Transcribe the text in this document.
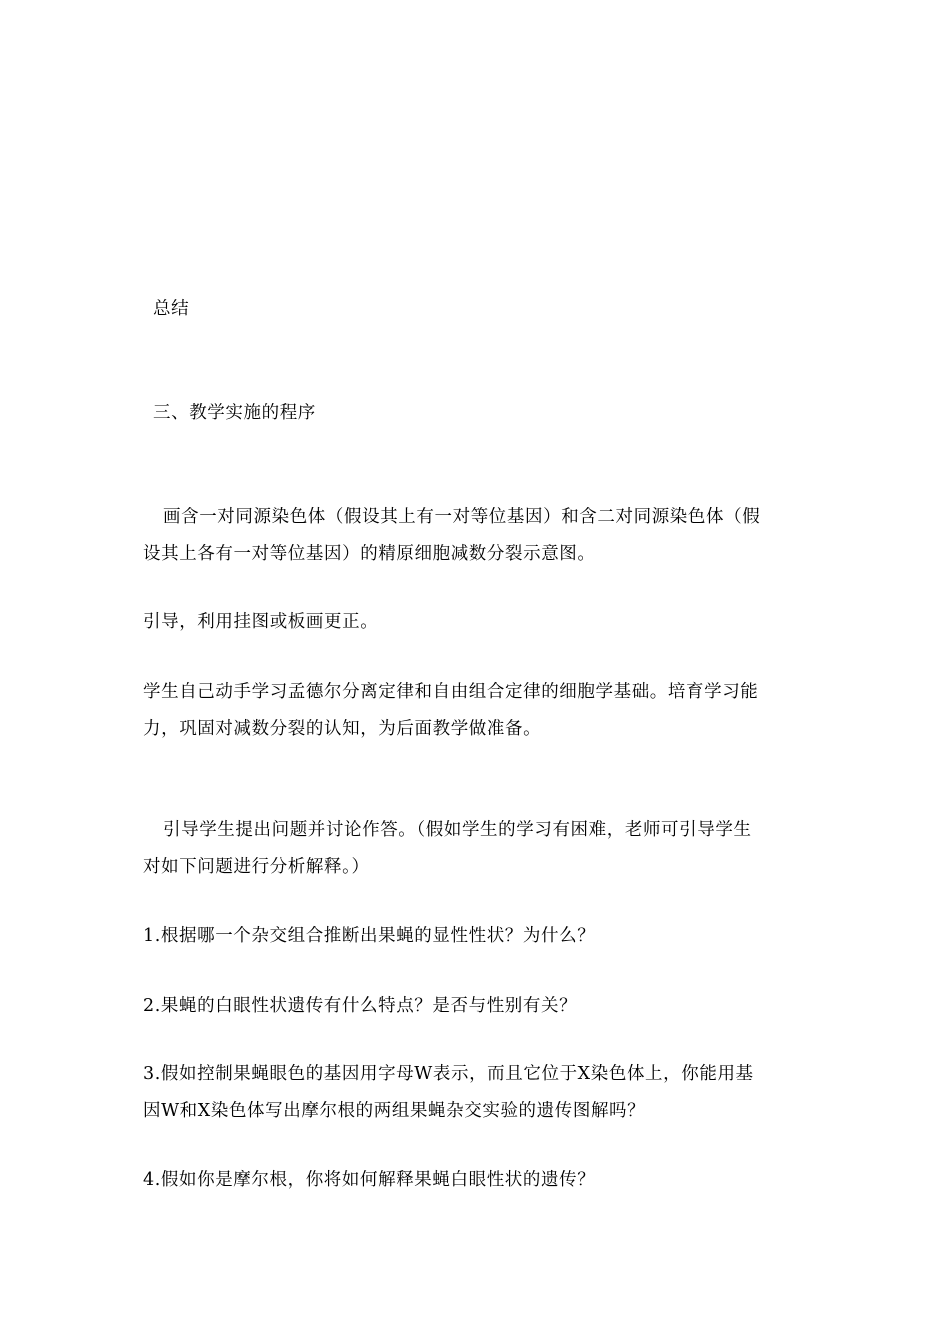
总结
三、教学实施的程序
画含一对同源染色体（假设其上有一对等位基因）和含二对同源染色体（假
设其上各有一对等位基因）的精原细胞减数分裂示意图。
引导，利用挂图或板画更正。
学生自己动手学习孟德尔分离定律和自由组合定律的细胞学基础。培育学习能
力，巩固对减数分裂的认知，为后面教学做准备。
引导学生提出问题并讨论作答。（假如学生的学习有困难，老师可引导学生
对如下问题进行分析解释。）
1.根据哪一个杂交组合推断出果蝇的显性性状？为什么？
2.果蝇的白眼性状遗传有什么特点？是否与性别有关？
3.假如控制果蝇眼色的基因用字母W表示，而且它位于X染色体上，你能用基
因W和X染色体写出摩尔根的两组果蝇杂交实验的遗传图解吗？
4.假如你是摩尔根，你将如何解释果蝇白眼性状的遗传？
